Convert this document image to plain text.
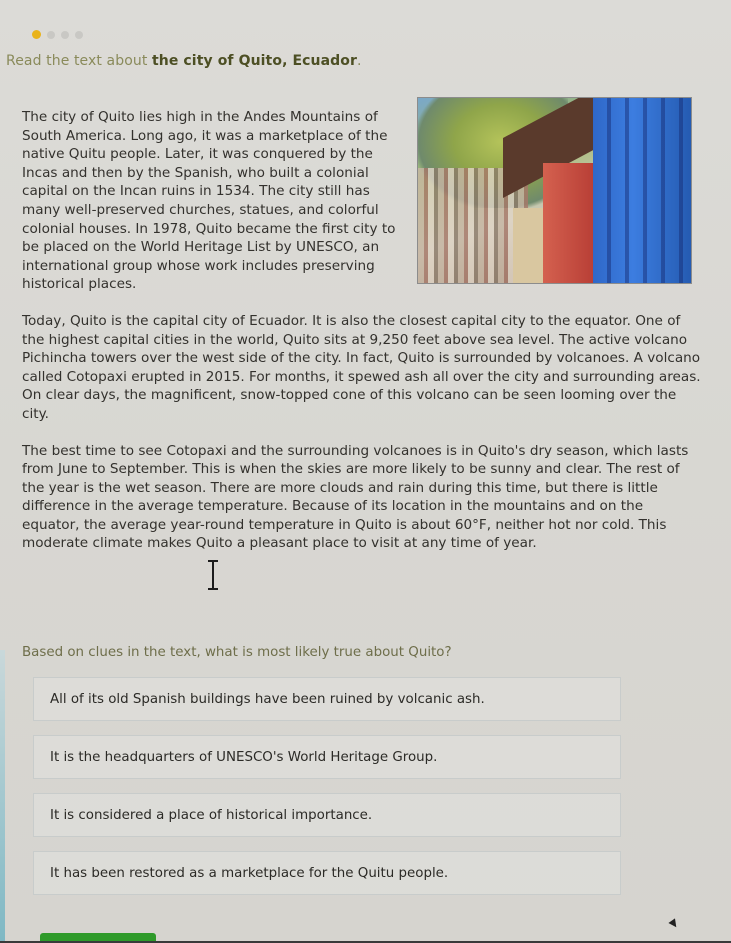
Read the text about the city of Quito, Ecuador.

The city of Quito lies high in the Andes Mountains of South America. Long ago, it was a marketplace of the native Quitu people. Later, it was conquered by the Incas and then by the Spanish, who built a colonial capital on the Incan ruins in 1534. The city still has many well-preserved churches, statues, and colorful colonial houses. In 1978, Quito became the first city to be placed on the World Heritage List by UNESCO, an international group whose work includes preserving historical places.

Today, Quito is the capital city of Ecuador. It is also the closest capital city to the equator. One of the highest capital cities in the world, Quito sits at 9,250 feet above sea level. The active volcano Pichincha towers over the west side of the city. In fact, Quito is surrounded by volcanoes. A volcano called Cotopaxi erupted in 2015. For months, it spewed ash all over the city and surrounding areas. On clear days, the magnificent, snow-topped cone of this volcano can be seen looming over the city.

The best time to see Cotopaxi and the surrounding volcanoes is in Quito's dry season, which lasts from June to September. This is when the skies are more likely to be sunny and clear. The rest of the year is the wet season. There are more clouds and rain during this time, but there is little difference in the average temperature. Because of its location in the mountains and on the equator, the average year-round temperature in Quito is about 60°F, neither hot nor cold. This moderate climate makes Quito a pleasant place to visit at any time of year.

Based on clues in the text, what is most likely true about Quito?
All of its old Spanish buildings have been ruined by volcanic ash.
It is the headquarters of UNESCO's World Heritage Group.
It is considered a place of historical importance.
It has been restored as a marketplace for the Quitu people.
